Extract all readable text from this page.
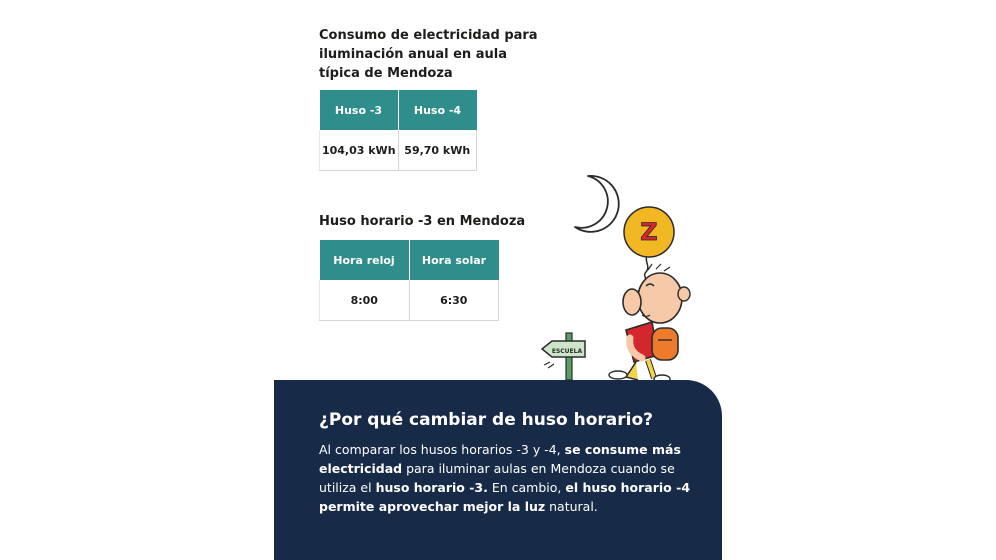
Consumo de electricidad para iluminación anual en aula típica de Mendoza
Huso -3	Huso -4
104,03 kWh	59,70 kWh
Huso horario -3 en Mendoza
Hora reloj	Hora solar
8:00	6:30
Z
ESCUELA
¿Por qué cambiar de huso horario?

Al comparar los husos horarios -3 y -4, se consume más electricidad para iluminar aulas en Mendoza cuando se utiliza el huso horario -3. En cambio, el huso horario -4 permite aprovechar mejor la luz natural.
